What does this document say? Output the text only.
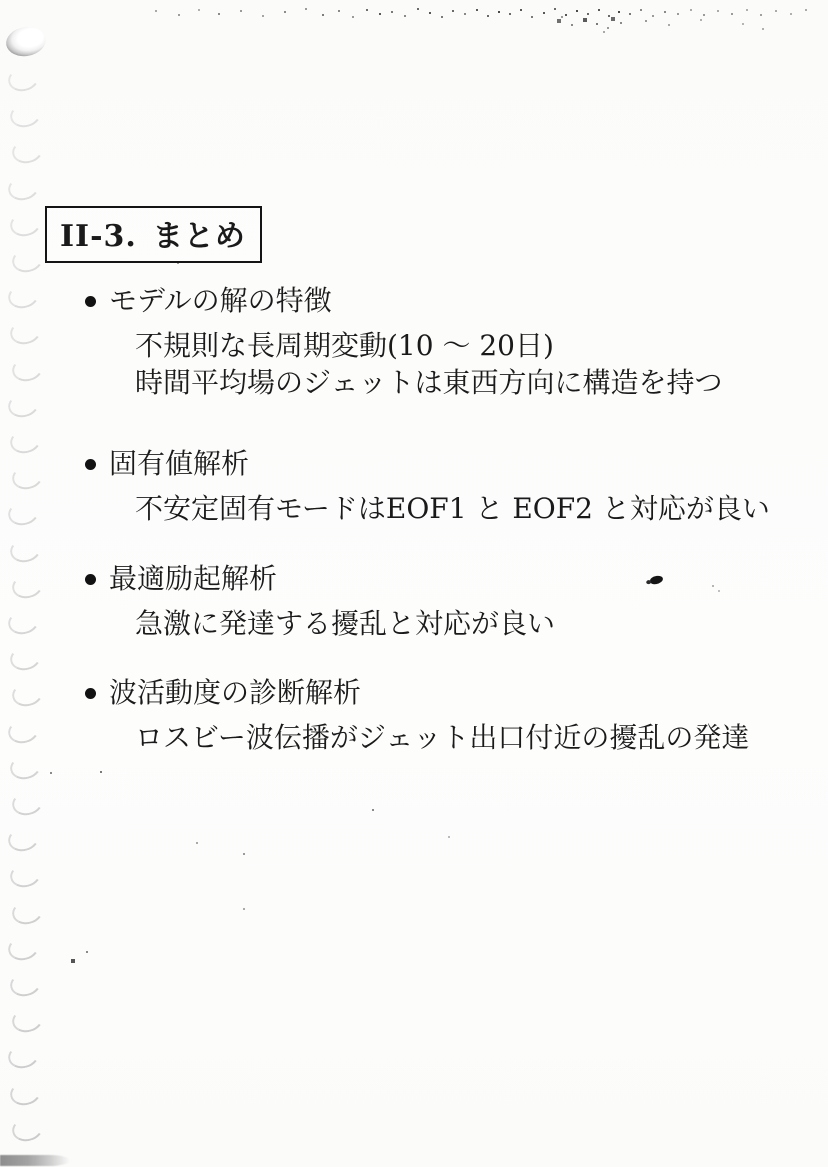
II-3. まとめ
モデルの解の特徴
不規則な長周期変動(10 ～ 20日)
時間平均場のジェットは東西方向に構造を持つ
固有値解析
不安定固有モードはEOF1 と EOF2 と対応が良い
最適励起解析
急激に発達する擾乱と対応が良い
波活動度の診断解析
ロスビー波伝播がジェット出口付近の擾乱の発達
